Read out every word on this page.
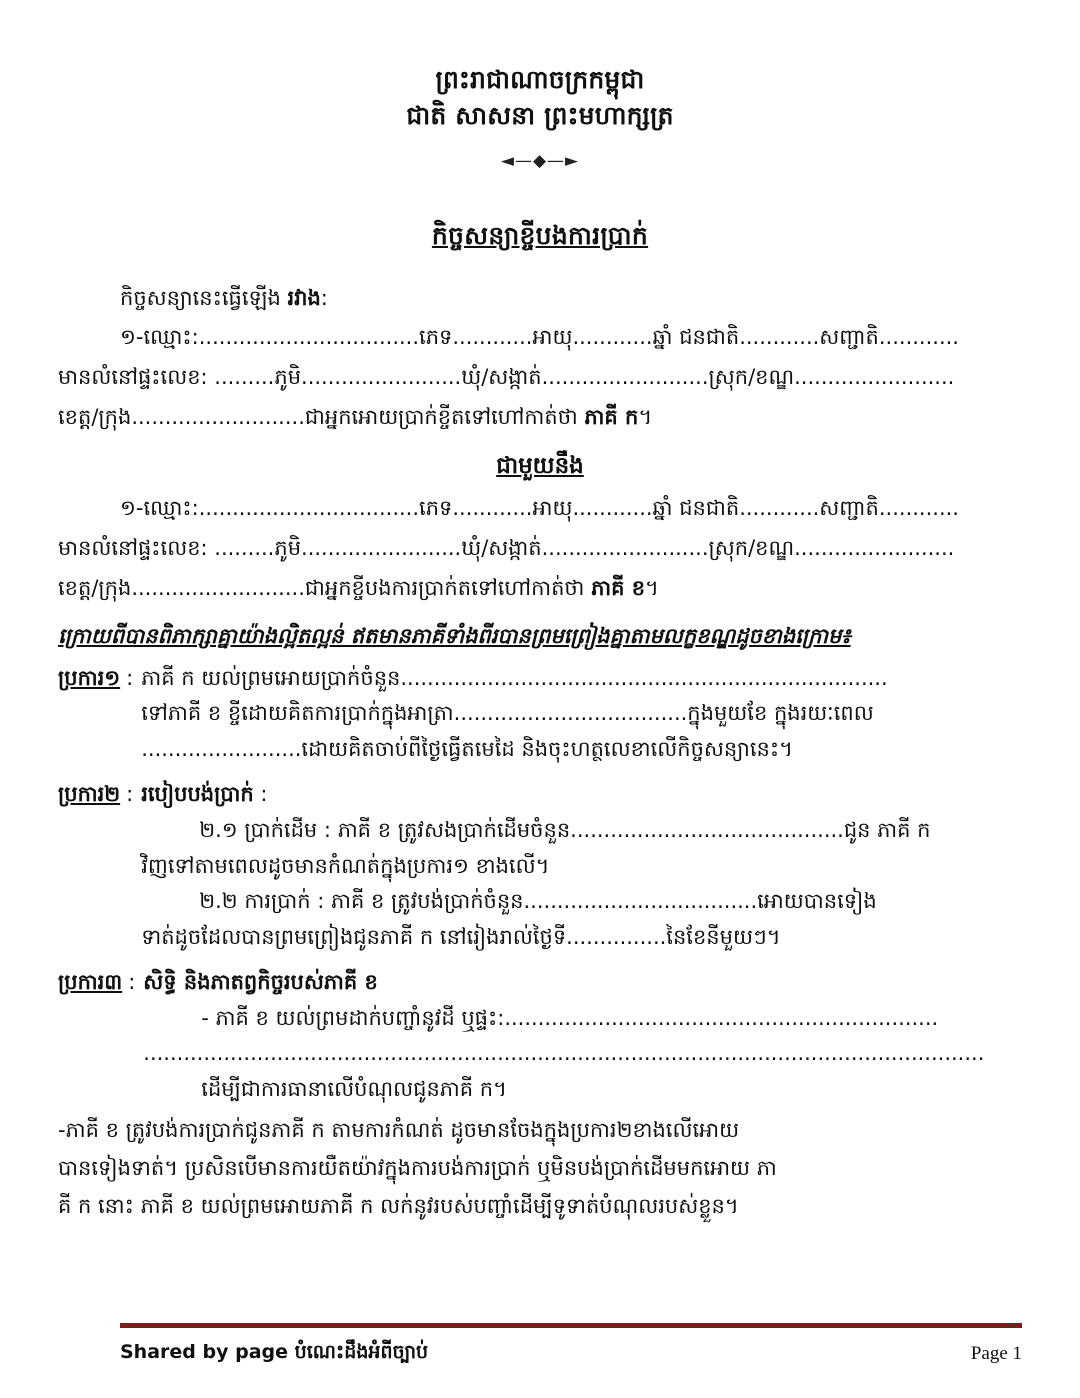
ព្រះរាជាណាចក្រកម្ពុជា
ជាតិ សាសនា ព្រះមហាក្សត្រ
◄—◆—►
កិច្ចសន្យាខ្ចីបងការប្រាក់
កិច្ចសន្យានេះធ្វើឡើង រវាង:
១-ឈ្មោះ:.................................ភេទ............អាយុ............ឆ្នាំ ជនជាតិ............សញ្ជាតិ............
មានលំនៅផ្ទះលេខ: .........ភូមិ........................ឃុំ/សង្កាត់.........................ស្រុក/ខណ្ឌ........................
ខេត្ត/ក្រុង..........................ជាអ្នកអោយប្រាក់ខ្ចីតទៅហៅកាត់ថា ភាគី ក។
ជាមួយនឹង
១-ឈ្មោះ:.................................ភេទ............អាយុ............ឆ្នាំ ជនជាតិ............សញ្ជាតិ............
មានលំនៅផ្ទះលេខ: .........ភូមិ........................ឃុំ/សង្កាត់.........................ស្រុក/ខណ្ឌ........................
ខេត្ត/ក្រុង..........................ជាអ្នកខ្ចីបងការប្រាក់តទៅហៅកាត់ថា ភាគី ខ។
ក្រោយពីបានពិភាក្សាគ្នាយ៉ាងល្អិតល្អន់ ឥតមានភាគីទាំងពីរបានព្រមព្រៀងគ្នាតាមលក្ខខណ្ឌដូចខាងក្រោម៖
ប្រការ១ : ភាគី ក យល់ព្រមអោយប្រាក់ចំនួន.........................................................................

ទៅភាគី ខ ខ្ចីដោយគិតការប្រាក់ក្នុងអាត្រា...................................ក្នុងមួយខែ ក្នុងរយៈពេល

........................ដោយគិតចាប់ពីថ្ងៃធ្វើតមេដៃ និងចុះហត្ថលេខាលើកិច្ចសន្យានេះ។

ប្រការ២ : របៀបបង់ប្រាក់ :

២.១ ប្រាក់ដើម : ភាគី ខ ត្រូវសងប្រាក់ដើមចំនួន.........................................ជូន ភាគី ក

វិញទៅតាមពេលដូចមានកំណត់ក្នុងប្រការ១ ខាងលើ។

២.២ ការប្រាក់ : ភាគី ខ ត្រូវបង់ប្រាក់ចំនួន...................................អោយបានទៀង

ទាត់ដូចដែលបានព្រមព្រៀងជូនភាគី ក នៅរៀងរាល់ថ្ងៃទី...............នៃខែនីមួយៗ។

ប្រការ៣ : សិទ្ធិ និងភាតព្វកិច្ចរបស់ភាគី ខ

- ភាគី ខ យល់ព្រមដាក់បញ្ចាំនូវដី ឬផ្ទះ:.................................................................

..............................................................................................................................

ដើម្បីជាការធានាលើបំណុលជូនភាគី ក។

-ភាគី ខ ត្រូវបង់ការប្រាក់ជូនភាគី ក តាមការកំណត់ ដូចមានចែងក្នុងប្រការ២ខាងលើអោយ
បានទៀងទាត់។ ប្រសិនបើមានការយឺតយ៉ាវក្នុងការបង់ការប្រាក់ ឬមិនបង់ប្រាក់ដើមមកអោយ ភា
គី ក នោះ ភាគី ខ យល់ព្រមអោយភាគី ក លក់នូវរបស់បញ្ចាំដើម្បីទូទាត់បំណុលរបស់ខ្លួន។
Shared by page បំណេះដឹងអំពីច្បាប់	Page 1
